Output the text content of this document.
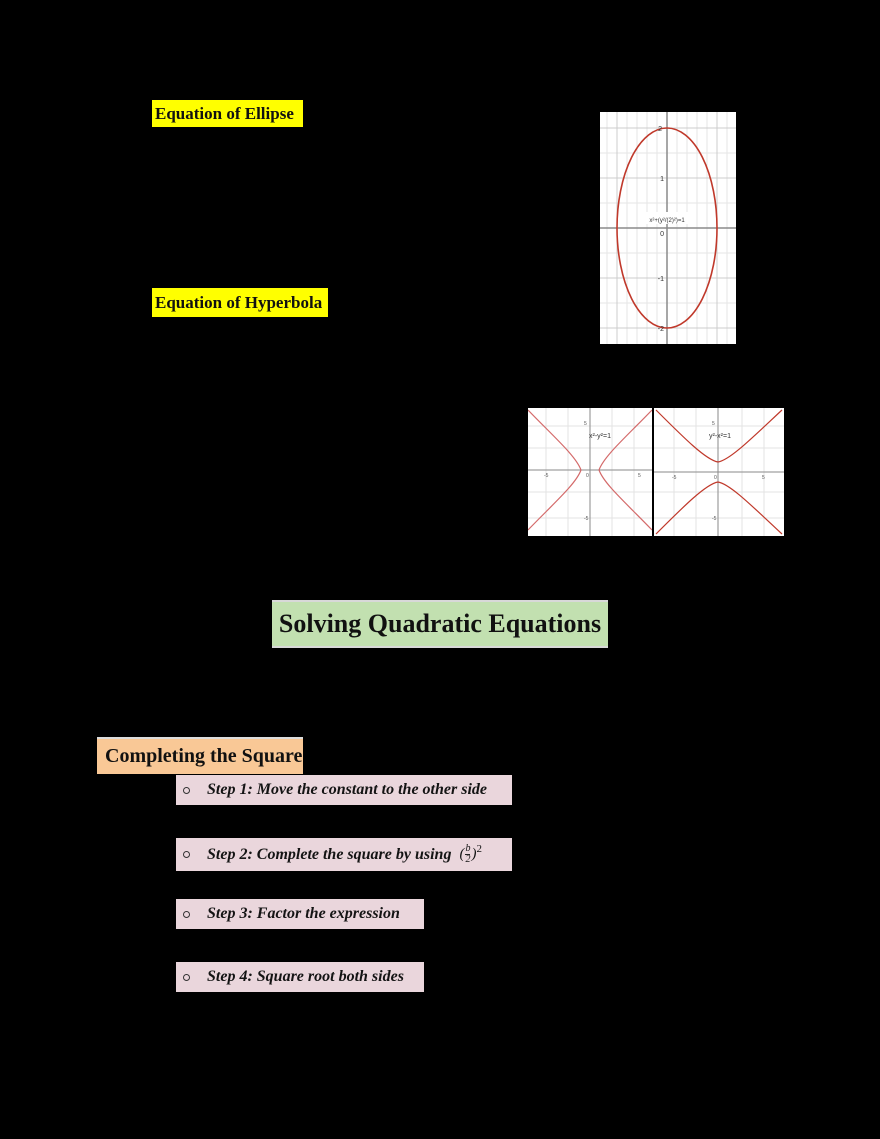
Equation of Ellipse
x²+(y²/(2)²)=1
2
1
0
-1
-2
Equation of Hyperbola
x²-y²=1
-5	0	5
5
-5
y²-x²=1
-5	0	5
5
-5
Solving Quadratic Equations
Completing the Square
Step 1: Move the constant to the other side
Step 2: Complete the square by using ( b
2 )$^2$
Step 3: Factor the expression
Step 4: Square root both sides
